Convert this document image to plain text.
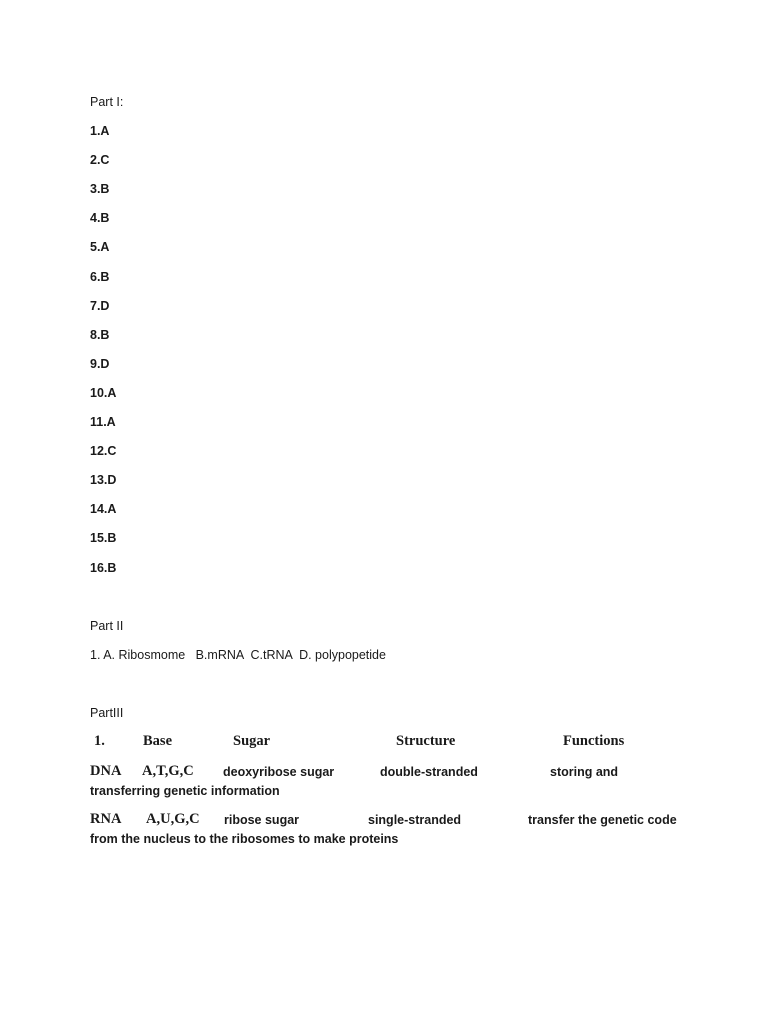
Part I:
1.A
2.C
3.B
4.B
5.A
6.B
7.D
8.B
9.D
10.A
11.A
12.C
13.D
14.A
15.B
16.B
Part II
1. A. Ribosmome   B.mRNA  C.tRNA  D. polypopetide
PartIII
1.	Base	Sugar	Structure	Functions
DNA A,T,G,C deoxyribose sugar	double-stranded	storing and
transferring genetic information
RNA A,U,G,C ribose sugar	single-stranded	transfer the genetic code
from the nucleus to the ribosomes to make proteins
